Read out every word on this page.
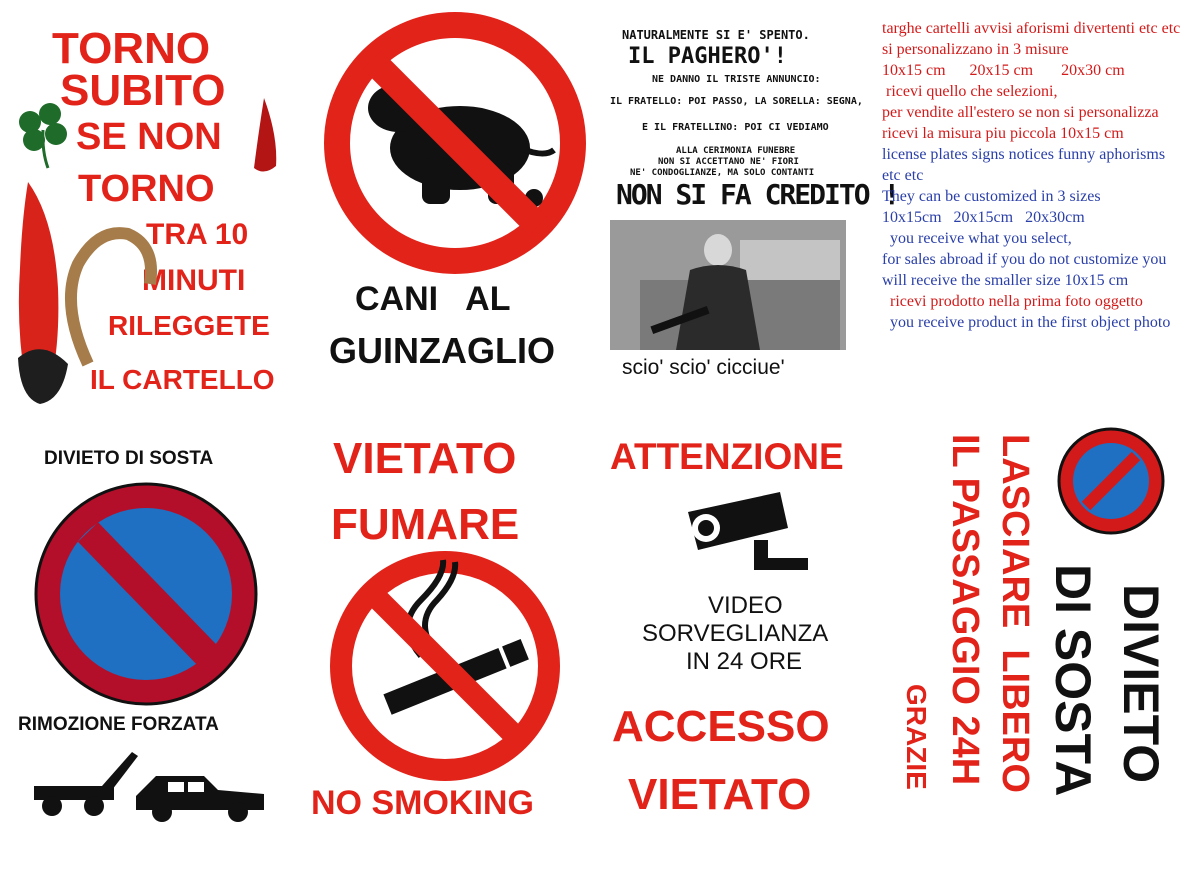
TORNO
SUBITO
SE NON
TORNO
TRA 10
MINUTI
RILEGGETE
IL CARTELLO
CANI   AL
GUINZAGLIO
NATURALMENTE SI E' SPENTO.
IL PAGHERO'!
NE DANNO IL TRISTE ANNUNCIO:
IL FRATELLO: POI PASSO, LA SORELLA: SEGNA,
E IL FRATELLINO: POI CI VEDIAMO
ALLA CERIMONIA FUNEBRE
NON SI ACCETTANO NE' FIORI
NE' CONDOGLIANZE, MA SOLO CONTANTI
NON SI FA CREDITO !
scio' scio' cicciue'
targhe cartelli avvisi aforismi divertenti etc etc
si personalizzano in 3 misure
10x15 cm      20x15 cm       20x30 cm
ricevi quello che selezioni,
per vendite all'estero se non si personalizza ricevi la misura piu piccola 10x15 cm
license plates signs notices funny aphorisms etc etc
They can be customized in 3 sizes
10x15cm   20x15cm   20x30cm
you receive what you select,
for sales abroad if you do not customize you will receive the smaller size 10x15 cm
ricevi prodotto nella prima foto oggetto
you receive product in the first object photo
DIVIETO DI SOSTA
RIMOZIONE FORZATA
VIETATO
FUMARE
NO SMOKING
ATTENZIONE
VIDEO
SORVEGLIANZA
IN 24 ORE
ACCESSO
VIETATO
GRAZIE IL PASSAGGIO 24H LASCIARE  LIBERO DI SOSTA DIVIETO
